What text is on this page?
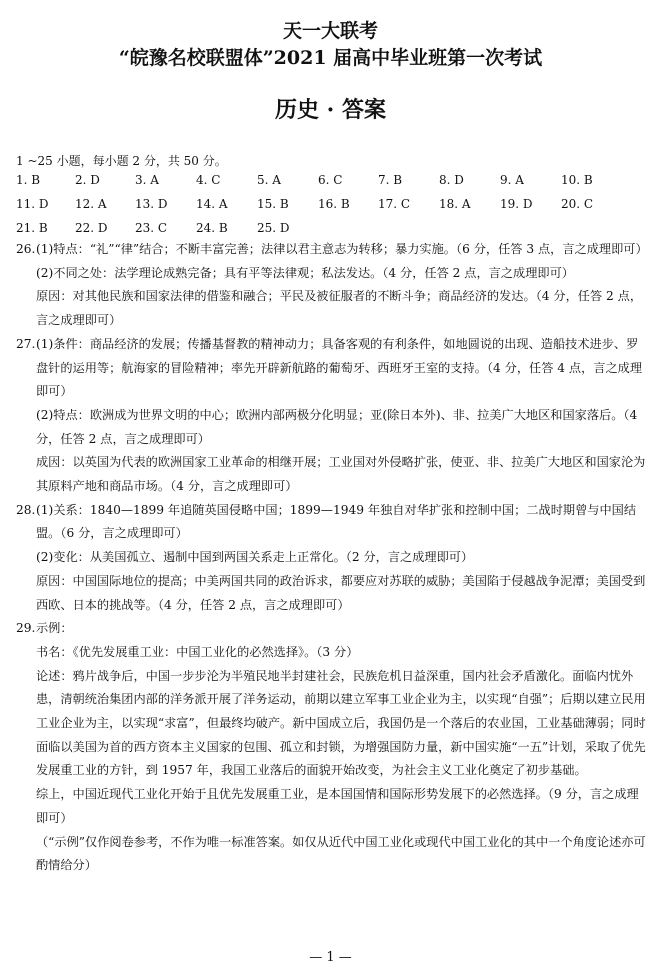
天一大联考
“皖豫名校联盟体”2021 届高中毕业班第一次考试
历史 · 答案
1 ~25 小题，每小题 2 分，共 50 分。
1. B	2. D	3. A	4. C	5. A	6. C	7. B	8. D	9. A	10. B
11. D 12. A 13. D 14. A 15. B 16. B 17. C 18. A 19. D 20. C
21. B 22. D 23. C 24. B 25. D
26. (1)特点：“礼”“律”结合；不断丰富完善；法律以君主意志为转移；暴力实施。（6 分，任答 3 点，言之成理即可）

(2)不同之处：法学理论成熟完备；具有平等法律观；私法发达。（4 分，任答 2 点，言之成理即可）

原因：对其他民族和国家法律的借鉴和融合；平民及被征服者的不断斗争；商品经济的发达。（4 分，任答 2 点，言之成理即可）

27. (1)条件：商品经济的发展；传播基督教的精神动力；具备客观的有利条件，如地圆说的出现、造船技术进步、罗盘针的运用等；航海家的冒险精神；率先开辟新航路的葡萄牙、西班牙王室的支持。（4 分，任答 4 点，言之成理即可）

(2)特点：欧洲成为世界文明的中心；欧洲内部两极分化明显；亚(除日本外)、非、拉美广大地区和国家落后。（4 分，任答 2 点，言之成理即可）

成因：以英国为代表的欧洲国家工业革命的相继开展；工业国对外侵略扩张，使亚、非、拉美广大地区和国家沦为其原料产地和商品市场。（4 分，言之成理即可）

28. (1)关系：1840—1899 年追随英国侵略中国；1899—1949 年独自对华扩张和控制中国；二战时期曾与中国结盟。（6 分，言之成理即可）

(2)变化：从美国孤立、遏制中国到两国关系走上正常化。（2 分，言之成理即可）

原因：中国国际地位的提高；中美两国共同的政治诉求，都要应对苏联的威胁；美国陷于侵越战争泥潭；美国受到西欧、日本的挑战等。（4 分，任答 2 点，言之成理即可）

29. 示例：

书名：《优先发展重工业：中国工业化的必然选择》。（3 分）

论述：鸦片战争后，中国一步步沦为半殖民地半封建社会，民族危机日益深重，国内社会矛盾激化。面临内忧外患，清朝统治集团内部的洋务派开展了洋务运动，前期以建立军事工业企业为主，以实现“自强”；后期以建立民用工业企业为主，以实现“求富”，但最终均破产。新中国成立后，我国仍是一个落后的农业国，工业基础薄弱；同时面临以美国为首的西方资本主义国家的包围、孤立和封锁，为增强国防力量，新中国实施“一五”计划，采取了优先发展重工业的方针，到 1957 年，我国工业落后的面貌开始改变，为社会主义工业化奠定了初步基础。

综上，中国近现代工业化开始于且优先发展重工业，是本国国情和国际形势发展下的必然选择。（9 分，言之成理即可）

（“示例”仅作阅卷参考，不作为唯一标准答案。如仅从近代中国工业化或现代中国工业化的其中一个角度论述亦可酌情给分）

— 1 —
